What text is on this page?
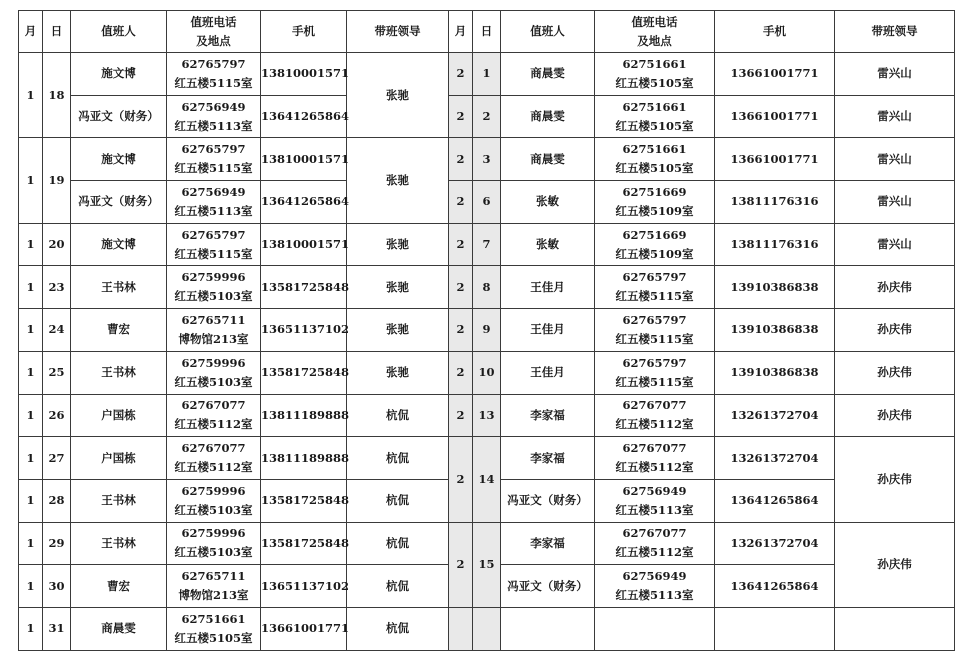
月	日	值班人	值班电话
及地点	手机	带班领导	月	日	值班人	值班电话
及地点	手机	带班领导
1	18	施文博	62765797
红五楼5115室	13810001571	张驰	2	1	商晨雯	62751661
红五楼5105室	13661001771	雷兴山
		冯亚文（财务）	62756949
红五楼5113室	13641265864		2	2	商晨雯	62751661
红五楼5105室	13661001771	雷兴山
1	19	施文博	62765797
红五楼5115室	13810001571	张驰	2	3	商晨雯	62751661
红五楼5105室	13661001771	雷兴山
		冯亚文（财务）	62756949
红五楼5113室	13641265864		2	6	张敏	62751669
红五楼5109室	13811176316	雷兴山
1	20	施文博	62765797
红五楼5115室	13810001571	张驰	2	7	张敏	62751669
红五楼5109室	13811176316	雷兴山
1	23	王书林	62759996
红五楼5103室	13581725848	张驰	2	8	王佳月	62765797
红五楼5115室	13910386838	孙庆伟
1	24	曹宏	62765711
博物馆213室	13651137102	张驰	2	9	王佳月	62765797
红五楼5115室	13910386838	孙庆伟
1	25	王书林	62759996
红五楼5103室	13581725848	张驰	2	10	王佳月	62765797
红五楼5115室	13910386838	孙庆伟
1	26	户国栋	62767077
红五楼5112室	13811189888	杭侃	2	13	李家福	62767077
红五楼5112室	13261372704	孙庆伟
1	27	户国栋	62767077
红五楼5112室	13811189888	杭侃	2	14	李家福	62767077
红五楼5112室	13261372704	孙庆伟
1	28	王书林	62759996
红五楼5103室	13581725848	杭侃			冯亚文（财务）	62756949
红五楼5113室	13641265864	
1	29	王书林	62759996
红五楼5103室	13581725848	杭侃	2	15	李家福	62767077
红五楼5112室	13261372704	孙庆伟
1	30	曹宏	62765711
博物馆213室	13651137102	杭侃			冯亚文（财务）	62756949
红五楼5113室	13641265864	
1	31	商晨雯	62751661
红五楼5105室	13661001771	杭侃						
